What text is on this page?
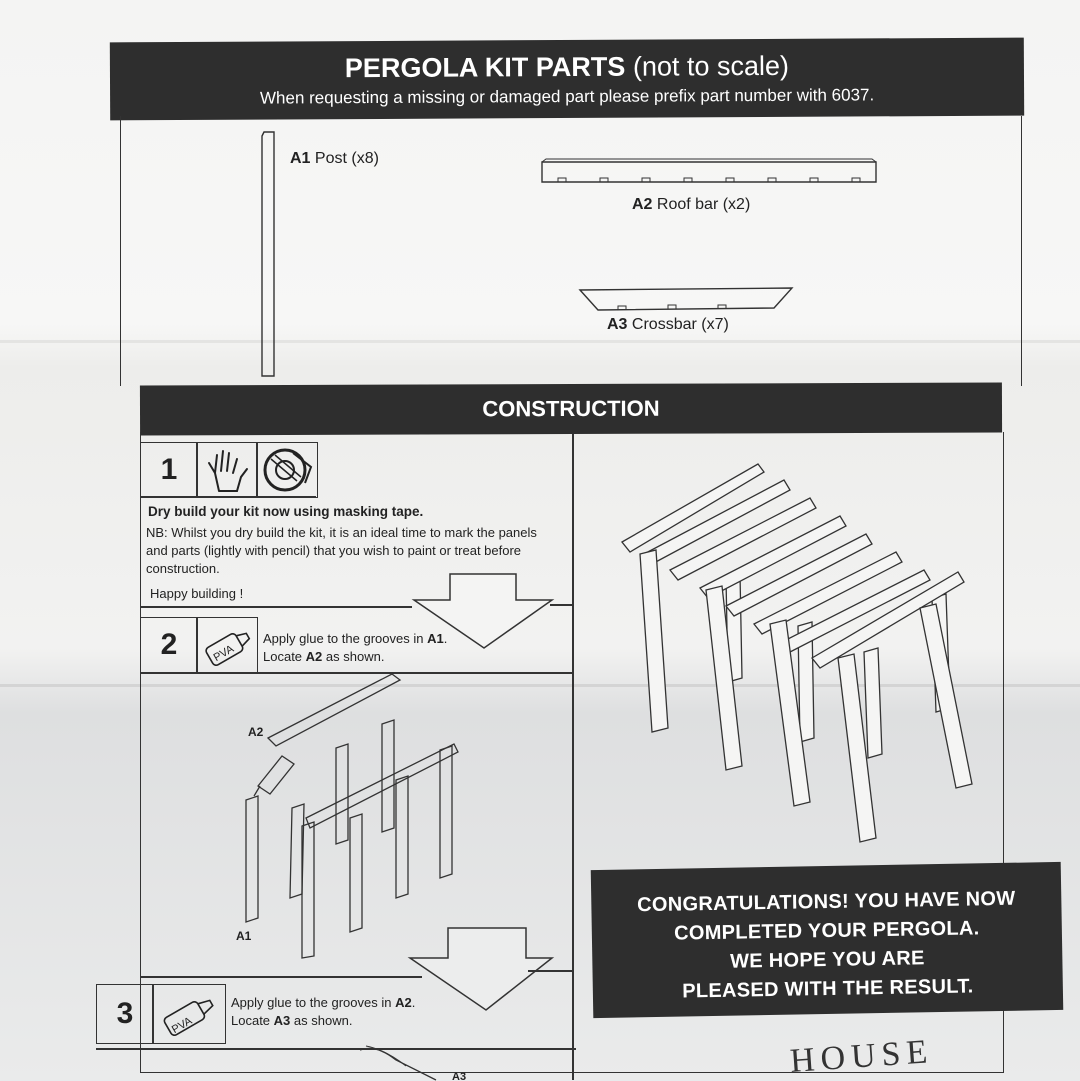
PERGOLA KIT PARTS (not to scale)
When requesting a missing or damaged part please prefix part number with 6037.
A1 Post (x8)
A2 Roof bar (x2)
A3 Crossbar (x7)
CONSTRUCTION
1
Dry build your kit now using masking tape.
NB: Whilst you dry build the kit, it is an ideal time to mark the panels and parts (lightly with pencil) that you wish to paint or treat before construction.
Happy building !
2	PVA
Apply glue to the grooves in A1.
Locate A2 as shown.
A2
A1
3	PVA
Apply glue to the grooves in A2.
Locate A3 as shown.
A3
CONGRATULATIONS! YOU HAVE NOW
COMPLETED YOUR PERGOLA.
WE HOPE YOU ARE
PLEASED WITH THE RESULT.
HOUSE
